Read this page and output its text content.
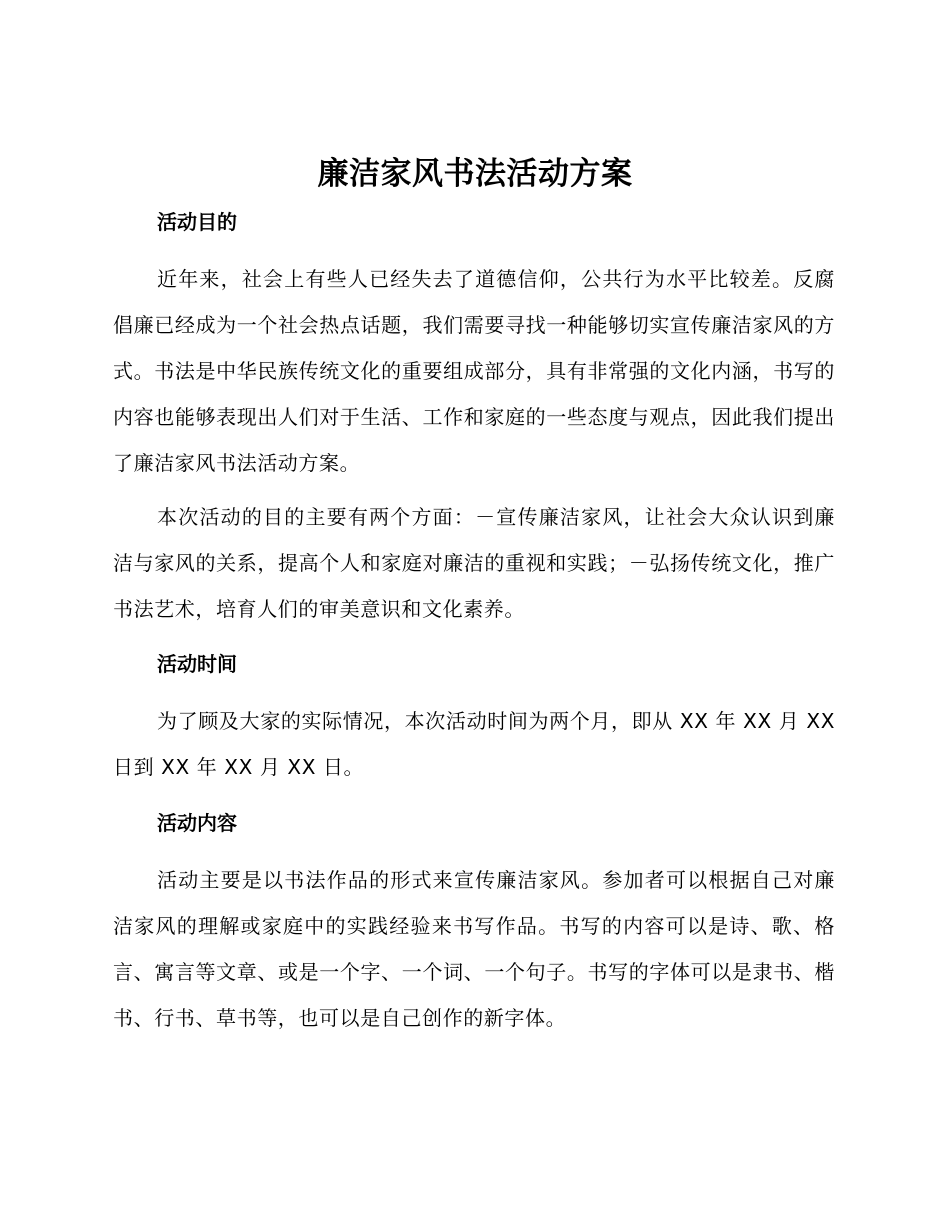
廉洁家风书法活动方案
活动目的

近年来，社会上有些人已经失去了道德信仰，公共行为水平比较差。反腐倡廉已经成为一个社会热点话题，我们需要寻找一种能够切实宣传廉洁家风的方式。书法是中华民族传统文化的重要组成部分，具有非常强的文化内涵，书写的内容也能够表现出人们对于生活、工作和家庭的一些态度与观点，因此我们提出了廉洁家风书法活动方案。

本次活动的目的主要有两个方面：－宣传廉洁家风，让社会大众认识到廉洁与家风的关系，提高个人和家庭对廉洁的重视和实践；－弘扬传统文化，推广书法艺术，培育人们的审美意识和文化素养。

活动时间

为了顾及大家的实际情况，本次活动时间为两个月，即从 XX 年 XX 月 XX 日到 XX 年 XX 月 XX 日。

活动内容

活动主要是以书法作品的形式来宣传廉洁家风。参加者可以根据自己对廉洁家风的理解或家庭中的实践经验来书写作品。书写的内容可以是诗、歌、格言、寓言等文章、或是一个字、一个词、一个句子。书写的字体可以是隶书、楷书、行书、草书等，也可以是自己创作的新字体。
